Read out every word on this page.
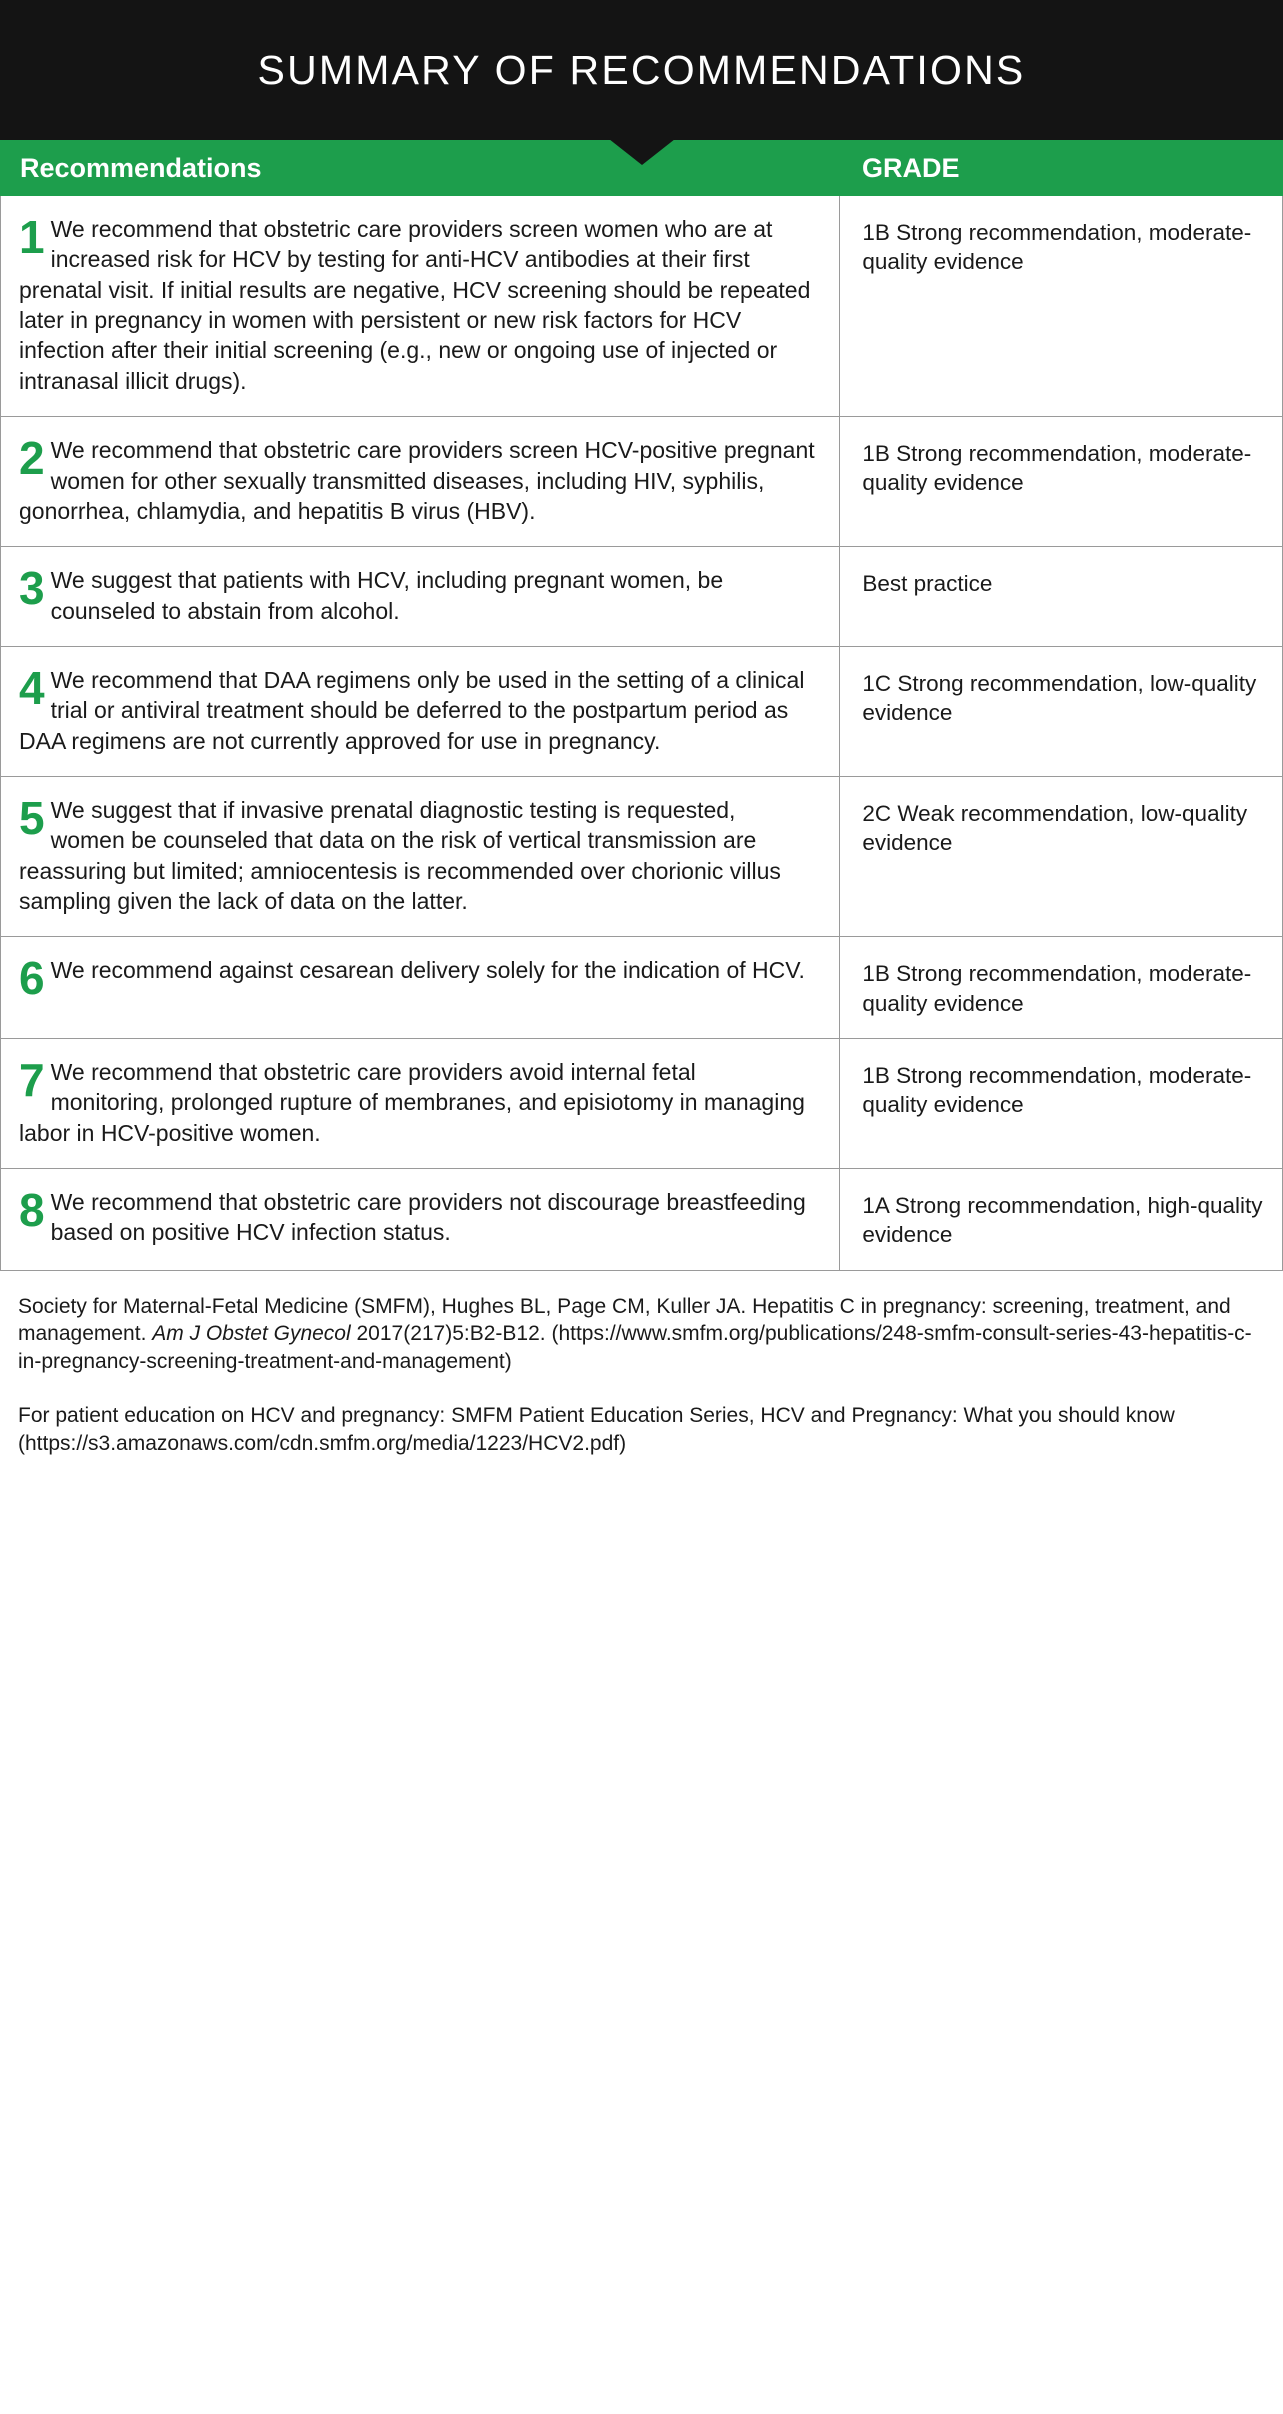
SUMMARY OF RECOMMENDATIONS
Recommendations	GRADE
1 We recommend that obstetric care providers screen women who are at increased risk for HCV by testing for anti-HCV antibodies at their first prenatal visit. If initial results are negative, HCV screening should be repeated later in pregnancy in women with persistent or new risk factors for HCV infection after their initial screening (e.g., new or ongoing use of injected or intranasal illicit drugs).
1B Strong recommendation, moderate-quality evidence
2 We recommend that obstetric care providers screen HCV-positive pregnant women for other sexually transmitted diseases, including HIV, syphilis, gonorrhea, chlamydia, and hepatitis B virus (HBV).
1B Strong recommendation, moderate-quality evidence
3 We suggest that patients with HCV, including pregnant women, be counseled to abstain from alcohol.
Best practice
4 We recommend that DAA regimens only be used in the setting of a clinical trial or antiviral treatment should be deferred to the postpartum period as DAA regimens are not currently approved for use in pregnancy.
1C Strong recommendation, low-quality evidence
5 We suggest that if invasive prenatal diagnostic testing is requested, women be counseled that data on the risk of vertical transmission are reassuring but limited; amniocentesis is recommended over chorionic villus sampling given the lack of data on the latter.
2C Weak recommendation, low-quality evidence
6 We recommend against cesarean delivery solely for the indication of HCV.	1B Strong recommendation, moderate-quality evidence
7 We recommend that obstetric care providers avoid internal fetal monitoring, prolonged rupture of membranes, and episiotomy in managing labor in HCV-positive women.
1B Strong recommendation, moderate-quality evidence
8 We recommend that obstetric care providers not discourage breastfeeding based on positive HCV infection status.
1A Strong recommendation, high-quality evidence

Society for Maternal-Fetal Medicine (SMFM), Hughes BL, Page CM, Kuller JA. Hepatitis C in pregnancy: screening, treatment, and management. Am J Obstet Gynecol 2017(217)5:B2-B12. (https://www.smfm.org/publications/248-smfm-consult-series-43-hepatitis-c-in-pregnancy-screening-treatment-and-management)

For patient education on HCV and pregnancy: SMFM Patient Education Series, HCV and Pregnancy: What you should know (https://s3.amazonaws.com/cdn.smfm.org/media/1223/HCV2.pdf)
